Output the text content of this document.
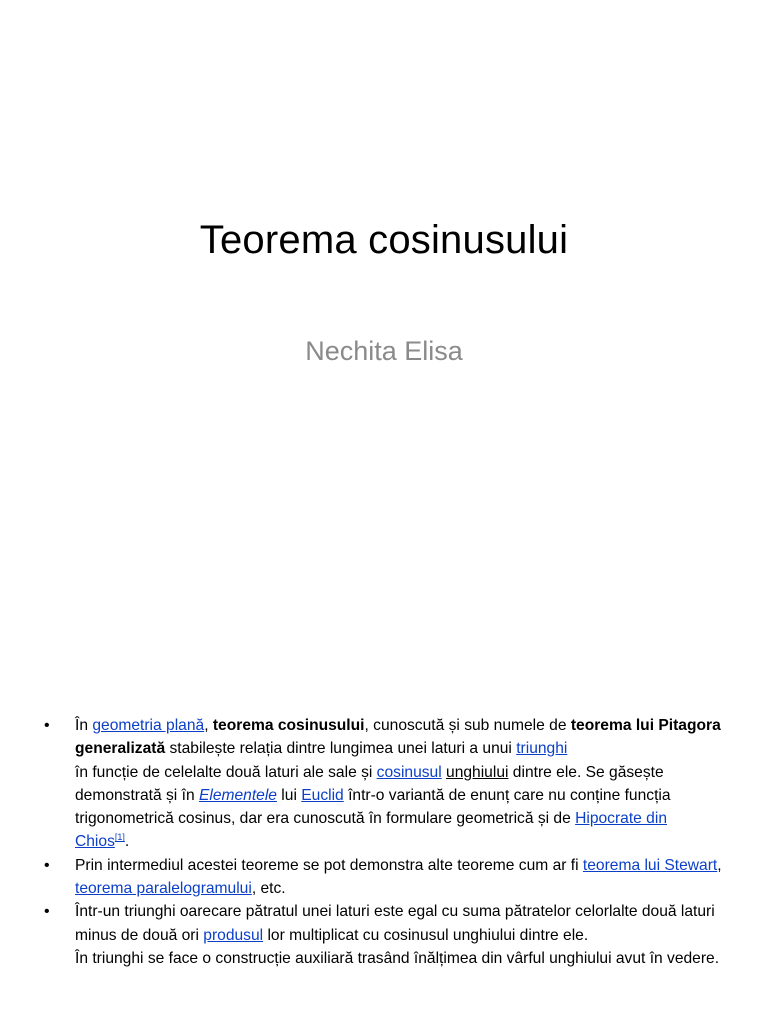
Teorema cosinusului
Nechita Elisa
• În geometria plană, teorema cosinusului, cunoscută și sub numele de teorema lui Pitagora generalizată stabilește relația dintre lungimea unei laturi a unui triunghi
în funcție de celelalte două laturi ale sale și cosinusul unghiului dintre ele. Se găsește demonstrată și în Elementele lui Euclid într-o variantă de enunț care nu conține funcția trigonometrică cosinus, dar era cunoscută în formulare geometrică și de Hipocrate din Chios[1].
• Prin intermediul acestei teoreme se pot demonstra alte teoreme cum ar fi teorema lui Stewart, teorema paralelogramului, etc.
• Într-un triunghi oarecare pătratul unei laturi este egal cu suma pătratelor celorlalte două laturi minus de două ori produsul lor multiplicat cu cosinusul unghiului dintre ele.
În triunghi se face o construcție auxiliară trasând înălțimea din vârful unghiului avut în vedere.
